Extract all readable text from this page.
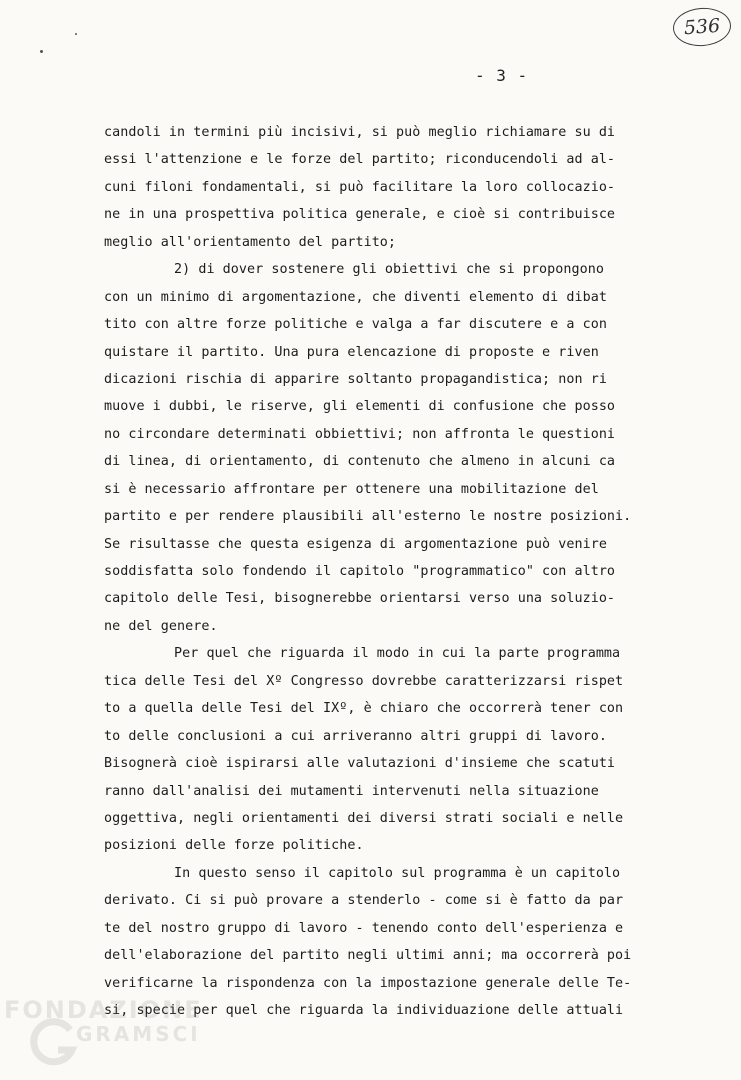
536
- 3 -
candoli in termini più incisivi, si può meglio richiamare su di
essi l'attenzione e le forze del partito; riconducendoli ad al-
cuni filoni fondamentali, si può facilitare la loro collocazio-
ne in una prospettiva politica generale, e cioè si contribuisce
meglio all'orientamento del partito;
2) di dover sostenere gli obiettivi che si propongono
con un minimo di argomentazione, che diventi elemento di dibat
tito con altre forze politiche e valga a far discutere e a con
quistare il partito. Una pura elencazione di proposte e riven
dicazioni rischia di apparire soltanto propagandistica; non ri
muove i dubbi, le riserve, gli elementi di confusione che posso
no circondare determinati obbiettivi; non affronta le questioni
di linea, di orientamento, di contenuto che almeno in alcuni ca
si è necessario affrontare per ottenere una mobilitazione del
partito e per rendere plausibili all'esterno le nostre posizioni.
Se risultasse che questa esigenza di argomentazione può venire
soddisfatta solo fondendo il capitolo "programmatico" con altro
capitolo delle Tesi, bisognerebbe orientarsi verso una soluzio-
ne del genere.
Per quel che riguarda il modo in cui la parte programma
tica delle Tesi del Xº Congresso dovrebbe caratterizzarsi rispet
to a quella delle Tesi del IXº, è chiaro che occorrerà tener con
to delle conclusioni a cui arriveranno altri gruppi di lavoro.
Bisognerà cioè ispirarsi alle valutazioni d'insieme che scatuti
ranno dall'analisi dei mutamenti intervenuti nella situazione
oggettiva, negli orientamenti dei diversi strati sociali e nelle
posizioni delle forze politiche.
In questo senso il capitolo sul programma è un capitolo
derivato. Ci si può provare a stenderlo - come si è fatto da par
te del nostro gruppo di lavoro - tenendo conto dell'esperienza e
dell'elaborazione del partito negli ultimi anni; ma occorrerà poi
verificarne la rispondenza con la impostazione generale delle Te-
si, specie per quel che riguarda la individuazione delle attuali
FONDAZIONE
GRAMSCI
